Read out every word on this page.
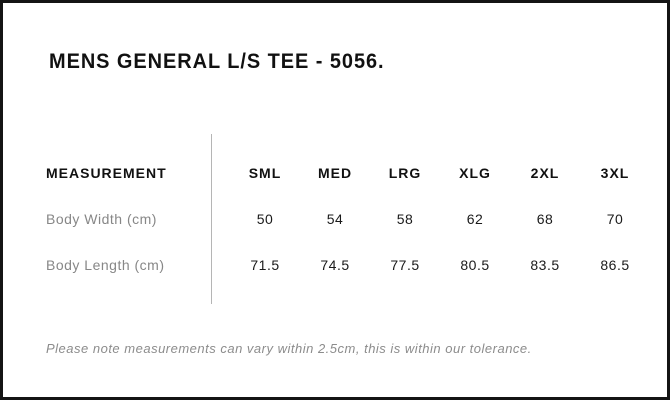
MENS GENERAL L/S TEE - 5056.
MEASUREMENT	SML	MED	LRG	XLG	2XL	3XL
Body Width (cm)	50	54	58	62	68	70
Body Length (cm)	71.5	74.5	77.5	80.5	83.5	86.5
Please note measurements can vary within 2.5cm, this is within our tolerance.
